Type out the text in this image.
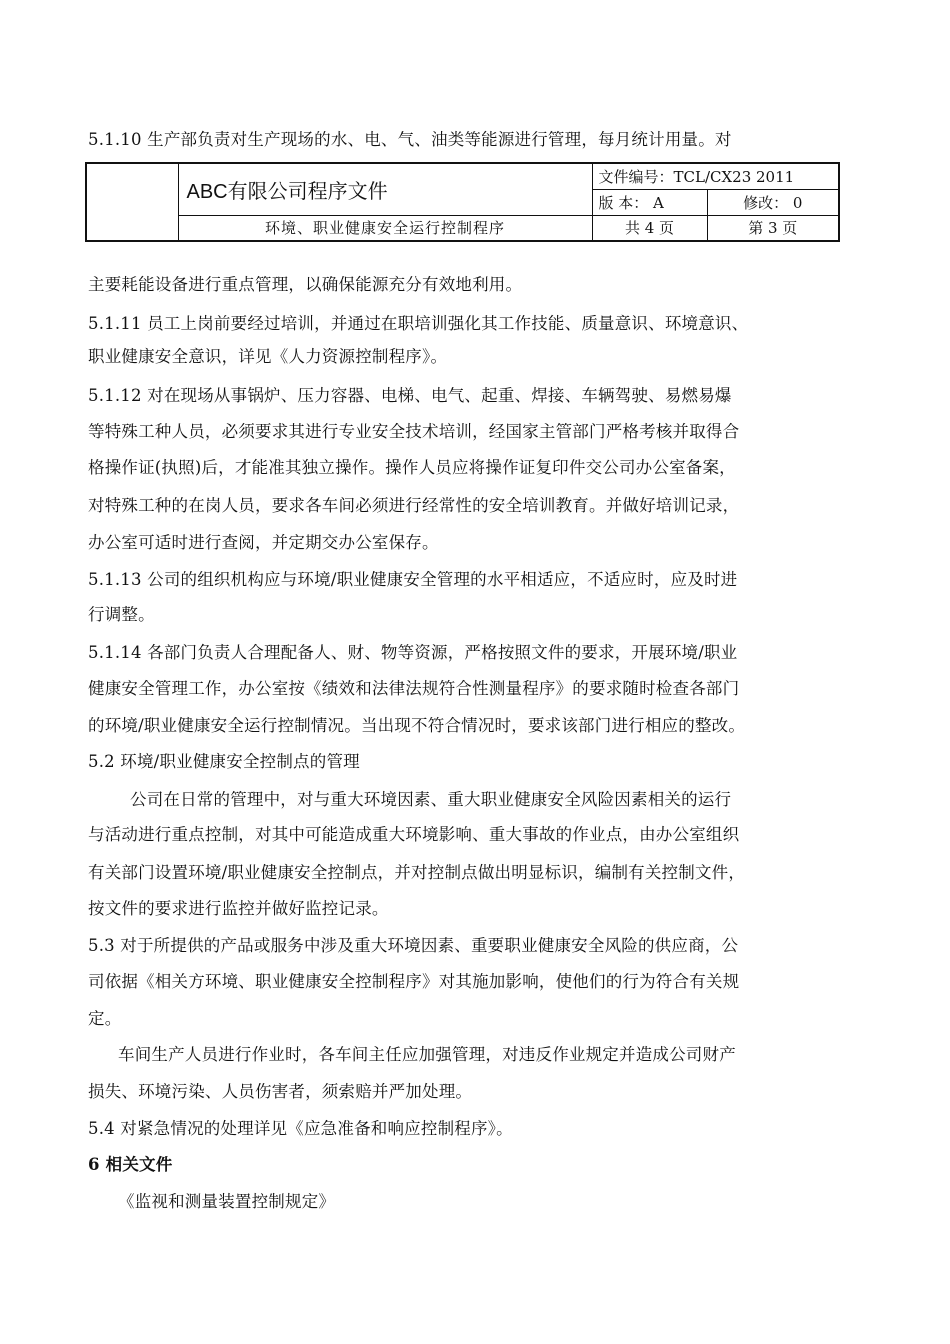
5.1.10 生产部负责对生产现场的水、电、气、油类等能源进行管理，每月统计用量。对
	ABC有限公司程序文件	文件编号：TCL/CX23 2011	
		版 本： A	修改： 0
	环境、职业健康安全运行控制程序	共 4 页	第 3 页
主要耗能设备进行重点管理，以确保能源充分有效地利用。
5.1.11 员工上岗前要经过培训，并通过在职培训强化其工作技能、质量意识、环境意识、
职业健康安全意识，详见《人力资源控制程序》。
5.1.12 对在现场从事锅炉、压力容器、电梯、电气、起重、焊接、车辆驾驶、易燃易爆
等特殊工种人员，必须要求其进行专业安全技术培训，经国家主管部门严格考核并取得合
格操作证(执照)后，才能准其独立操作。操作人员应将操作证复印件交公司办公室备案，
对特殊工种的在岗人员，要求各车间必须进行经常性的安全培训教育。并做好培训记录，
办公室可适时进行查阅，并定期交办公室保存。
5.1.13 公司的组织机构应与环境/职业健康安全管理的水平相适应，不适应时，应及时进
行调整。
5.1.14 各部门负责人合理配备人、财、物等资源，严格按照文件的要求，开展环境/职业
健康安全管理工作，办公室按《绩效和法律法规符合性测量程序》的要求随时检查各部门
的环境/职业健康安全运行控制情况。当出现不符合情况时，要求该部门进行相应的整改。
5.2 环境/职业健康安全控制点的管理
公司在日常的管理中，对与重大环境因素、重大职业健康安全风险因素相关的运行
与活动进行重点控制，对其中可能造成重大环境影响、重大事故的作业点，由办公室组织
有关部门设置环境/职业健康安全控制点，并对控制点做出明显标识，编制有关控制文件，
按文件的要求进行监控并做好监控记录。
5.3 对于所提供的产品或服务中涉及重大环境因素、重要职业健康安全风险的供应商，公
司依据《相关方环境、职业健康安全控制程序》对其施加影响，使他们的行为符合有关规
定。
车间生产人员进行作业时，各车间主任应加强管理，对违反作业规定并造成公司财产
损失、环境污染、人员伤害者，须索赔并严加处理。
5.4 对紧急情况的处理详见《应急准备和响应控制程序》。
6 相关文件
《监视和测量装置控制规定》
